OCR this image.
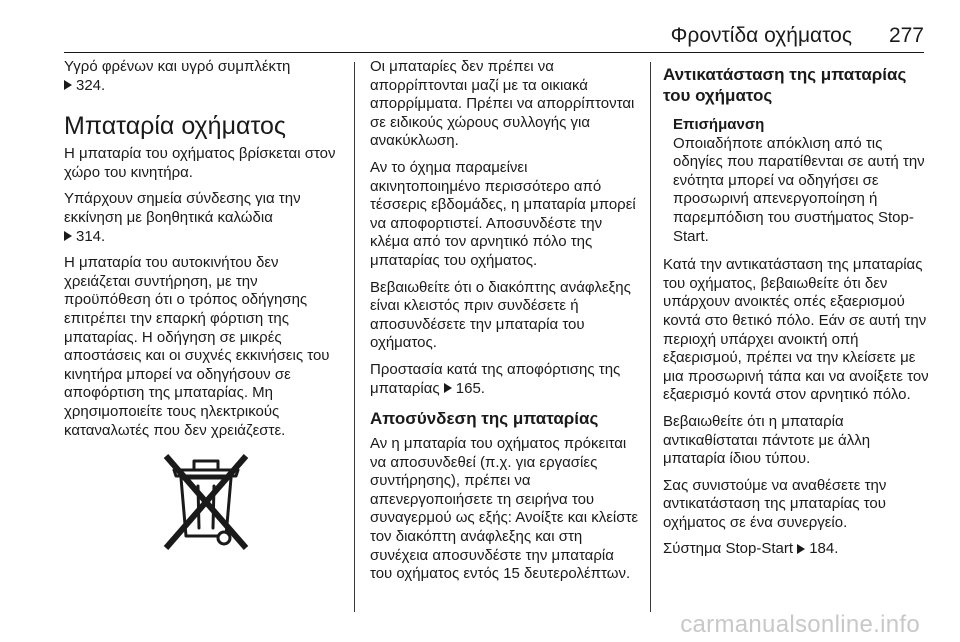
Φροντίδα οχήματος 277

Υγρό φρένων και υγρό συμπλέκτη
324.

Μπαταρία οχήματος

Η μπαταρία του οχήματος βρίσκεται στον χώρο του κινητήρα.

Υπάρχουν σημεία σύνδεσης για την εκκίνηση με βοηθητικά καλώδια
314.

Η μπαταρία του αυτοκινήτου δεν χρειάζεται συντήρηση, με την προϋπόθεση ότι ο τρόπος οδήγησης επιτρέπει την επαρκή φόρτιση της μπαταρίας. Η οδήγηση σε μικρές αποστάσεις και οι συχνές εκκινήσεις του κινητήρα μπορεί να οδηγήσουν σε αποφόρτιση της μπαταρίας. Μη χρησιμοποιείτε τους ηλεκτρικούς καταναλωτές που δεν χρειάζεστε.

Οι μπαταρίες δεν πρέπει να απορρίπτονται μαζί με τα οικιακά απορρίμματα. Πρέπει να απορρίπτονται σε ειδικούς χώρους συλλογής για ανακύκλωση.

Αν το όχημα παραμείνει ακινητοποιημένο περισσότερο από τέσσερις εβδομάδες, η μπαταρία μπορεί να αποφορτιστεί. Αποσυνδέστε την κλέμα από τον αρνητικό πόλο της μπαταρίας του οχήματος.

Βεβαιωθείτε ότι ο διακόπτης ανάφλεξης είναι κλειστός πριν συνδέσετε ή αποσυνδέσετε την μπαταρία του οχήματος.

Προστασία κατά της αποφόρτισης της μπαταρίας 165.

Αποσύνδεση της μπαταρίας

Αν η μπαταρία του οχήματος πρόκειται να αποσυνδεθεί (π.χ. για εργασίες συντήρησης), πρέπει να απενεργοποιήσετε τη σειρήνα του συναγερμού ως εξής: Ανοίξτε και κλείστε τον διακόπτη ανάφλεξης και στη συνέχεια αποσυνδέστε την μπαταρία του οχήματος εντός 15 δευτερολέπτων.

Αντικατάσταση της μπαταρίας του οχήματος
Επισήμανση
Οποιαδήποτε απόκλιση από τις οδηγίες που παρατίθενται σε αυτή την ενότητα μπορεί να οδηγήσει σε προσωρινή απενεργοποίηση ή παρεμπόδιση του συστήματος Stop-Start.

Κατά την αντικατάσταση της μπαταρίας του οχήματος, βεβαιωθείτε ότι δεν υπάρχουν ανοικτές οπές εξαερισμού κοντά στο θετικό πόλο. Εάν σε αυτή την περιοχή υπάρχει ανοικτή οπή εξαερισμού, πρέπει να την κλείσετε με μια προσωρινή τάπα και να ανοίξετε τον εξαερισμό κοντά στον αρνητικό πόλο.

Βεβαιωθείτε ότι η μπαταρία αντικαθίσταται πάντοτε με άλλη μπαταρία ίδιου τύπου.

Σας συνιστούμε να αναθέσετε την αντικατάσταση της μπαταρίας του οχήματος σε ένα συνεργείο.

Σύστημα Stop-Start 184.

carmanualsonline.info
